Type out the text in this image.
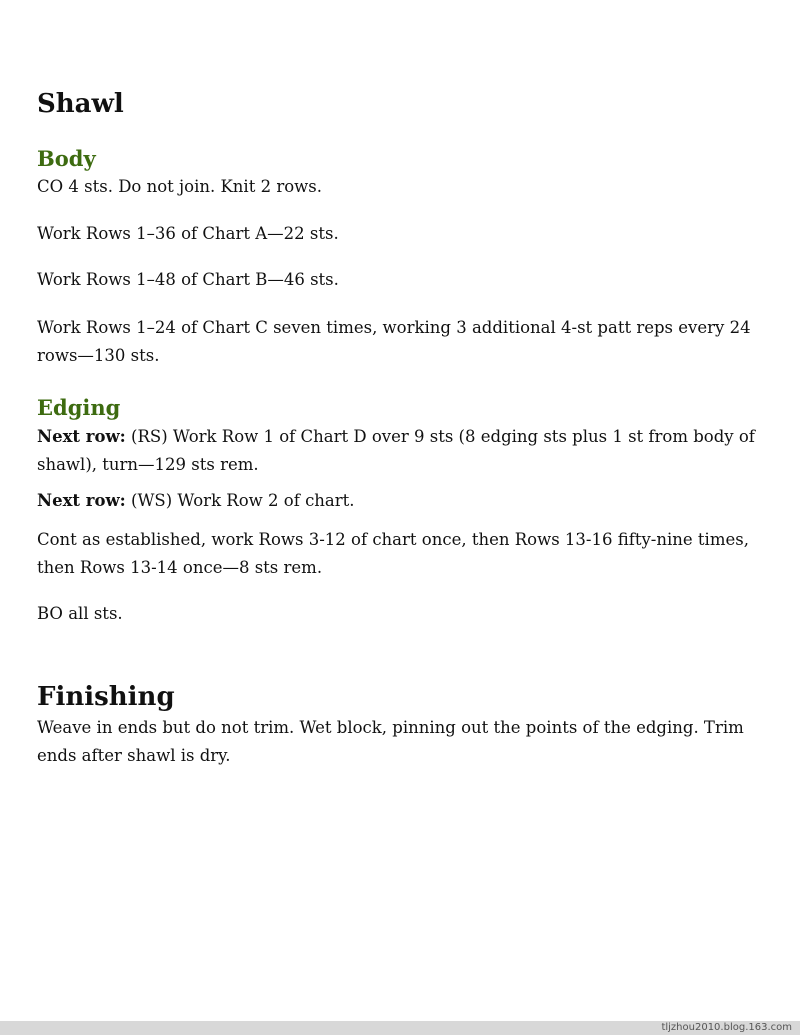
Shawl
Body

CO 4 sts. Do not join. Knit 2 rows.

Work Rows 1–36 of Chart A—22 sts.

Work Rows 1–48 of Chart B—46 sts.

Work Rows 1–24 of Chart C seven times, working 3 additional 4-st patt reps every 24 rows—130 sts.

Edging

Next row: (RS) Work Row 1 of Chart D over 9 sts (8 edging sts plus 1 st from body of shawl), turn—129 sts rem.

Next row: (WS) Work Row 2 of chart.

Cont as established, work Rows 3-12 of chart once, then Rows 13-16 fifty-nine times, then Rows 13-14 once—8 sts rem.

BO all sts.

Finishing

Weave in ends but do not trim. Wet block, pinning out the points of the edging. Trim ends after shawl is dry.

tljzhou2010.blog.163.com
